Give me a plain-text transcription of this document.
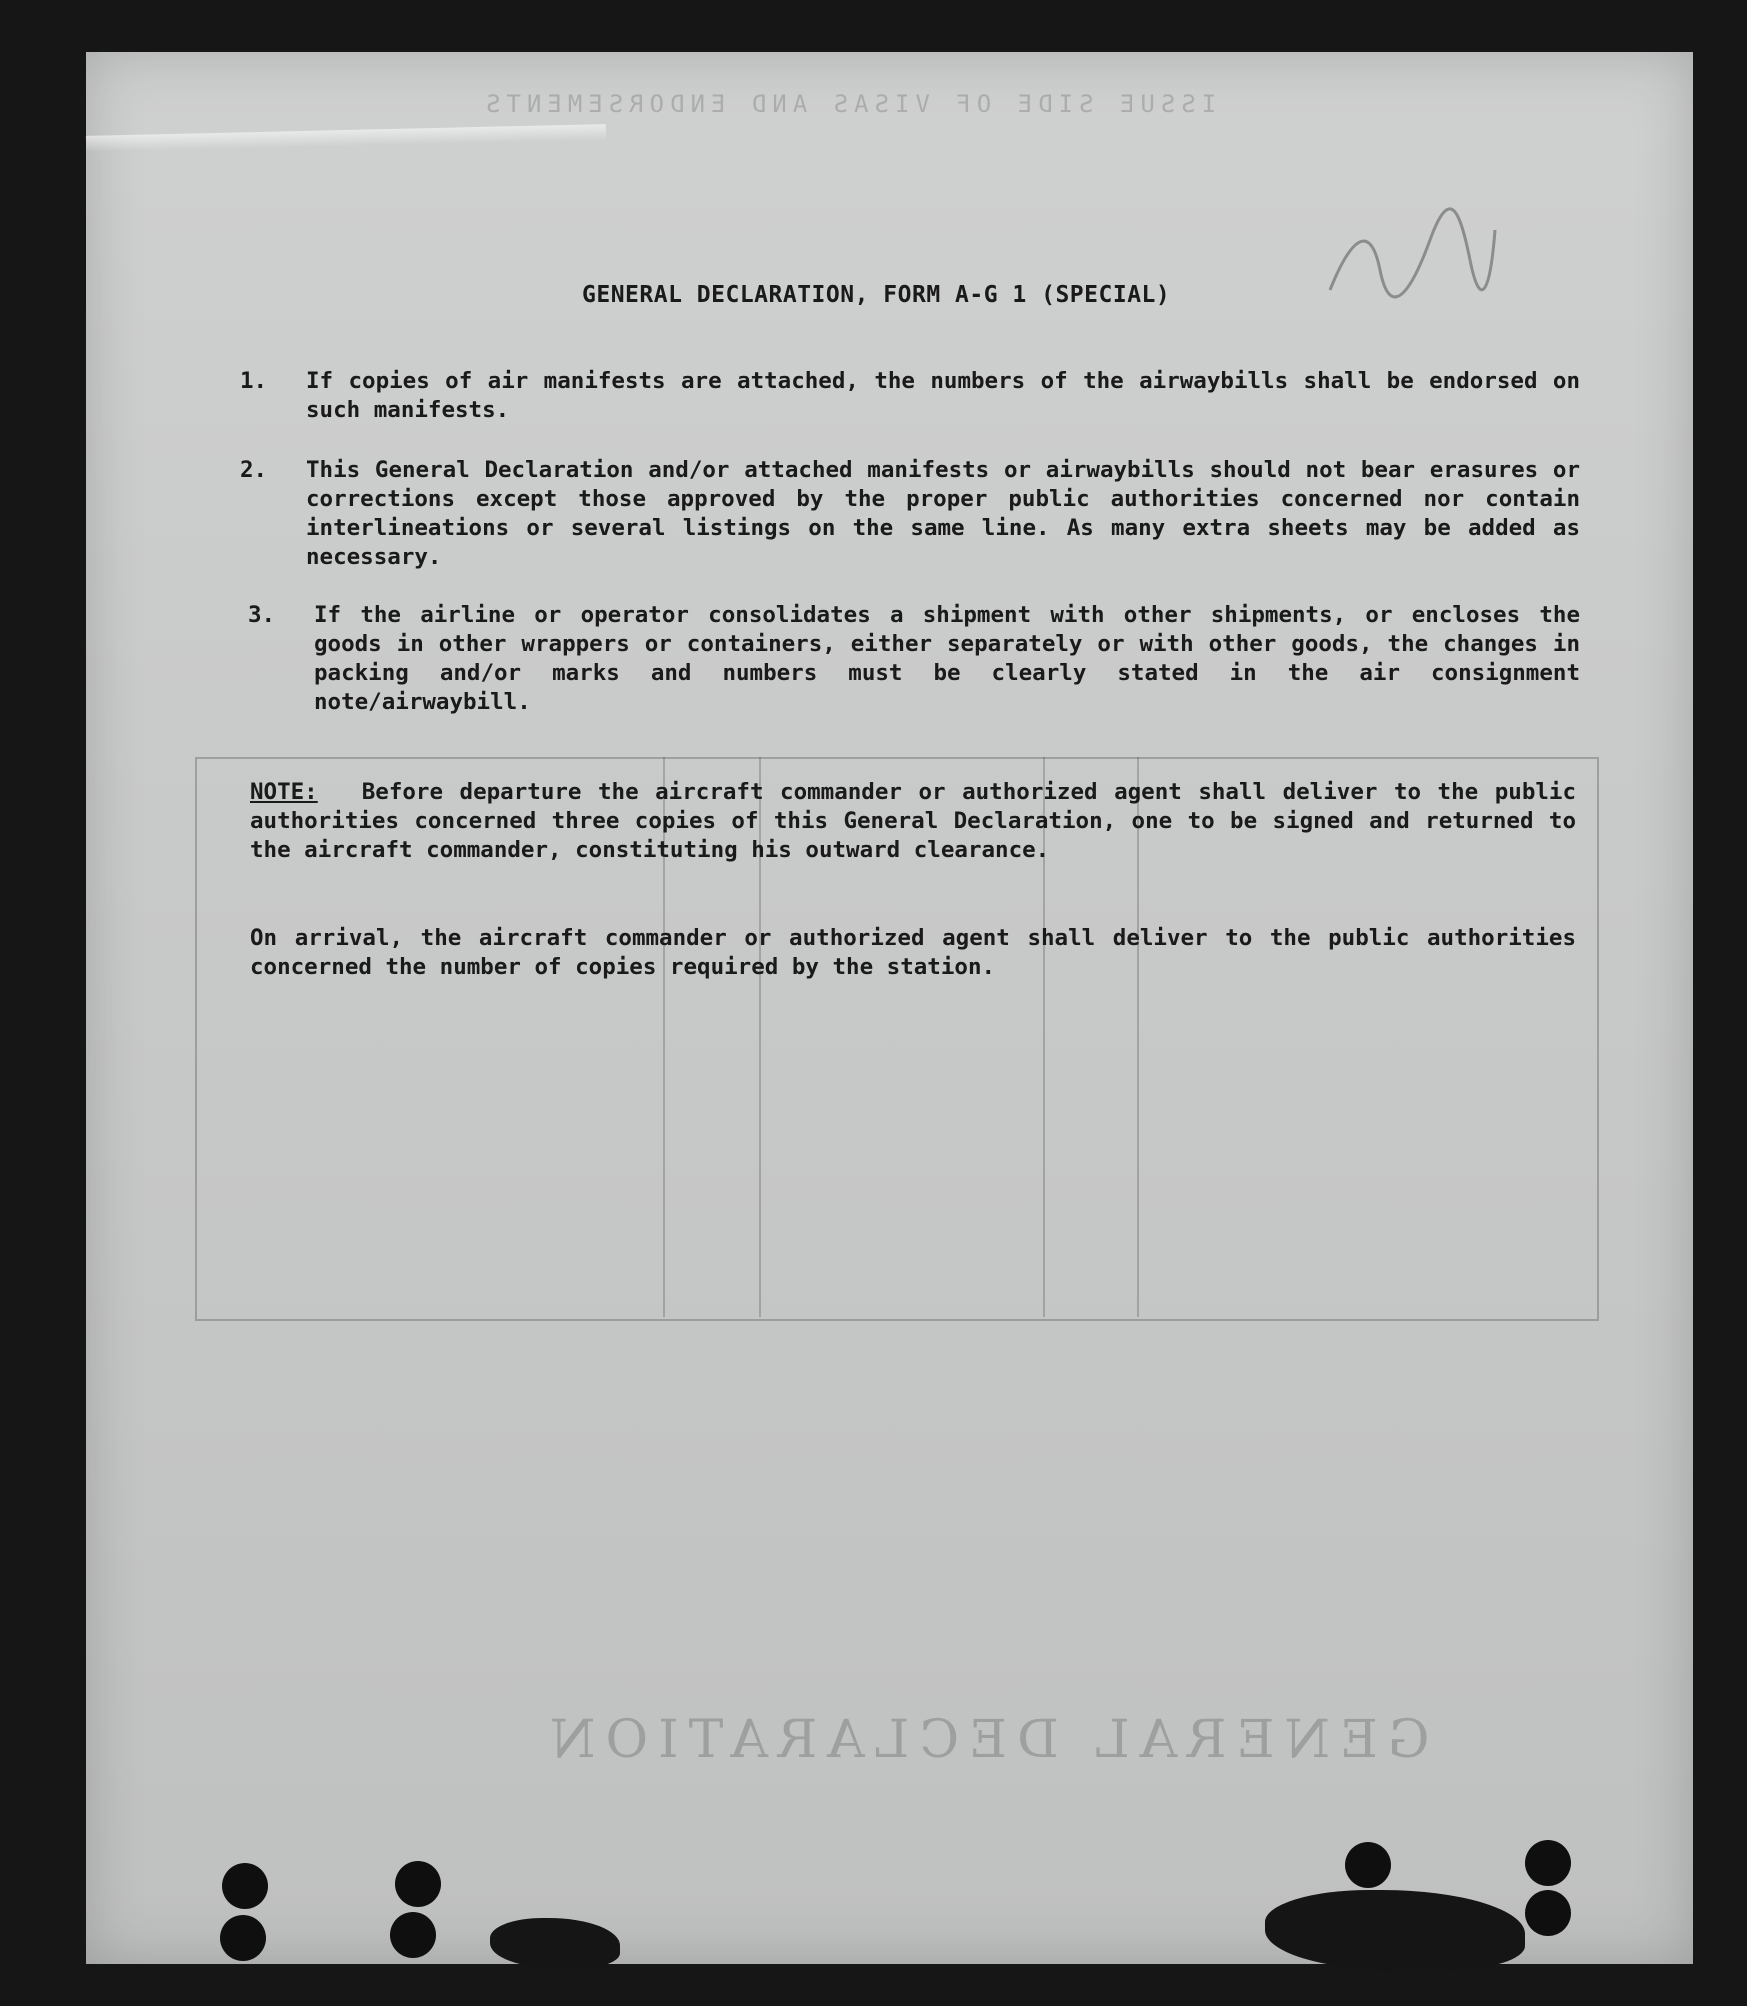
ISSUE SIDE OF VISAS AND ENDORSEMENTS
GENERAL DECLARATION
GENERAL DECLARATION, FORM A-G 1 (SPECIAL)
1. If copies of air manifests are attached, the numbers of the airwaybills shall be endorsed on such manifests.
2. This General Declaration and/or attached manifests or airwaybills should not bear erasures or corrections except those approved by the proper public authorities concerned nor contain interlineations or several listings on the same line. As many extra sheets may be added as necessary.
3. If the airline or operator consolidates a shipment with other shipments, or encloses the goods in other wrappers or containers, either separately or with other goods, the changes in packing and/or marks and numbers must be clearly stated in the air consignment note/airwaybill.
NOTE: Before departure the aircraft commander or authorized agent shall deliver to the public authorities concerned three copies of this General Declaration, one to be signed and returned to the aircraft commander, constituting his outward clearance.
On arrival, the aircraft commander or authorized agent shall deliver to the public authorities concerned the number of copies required by the station.
